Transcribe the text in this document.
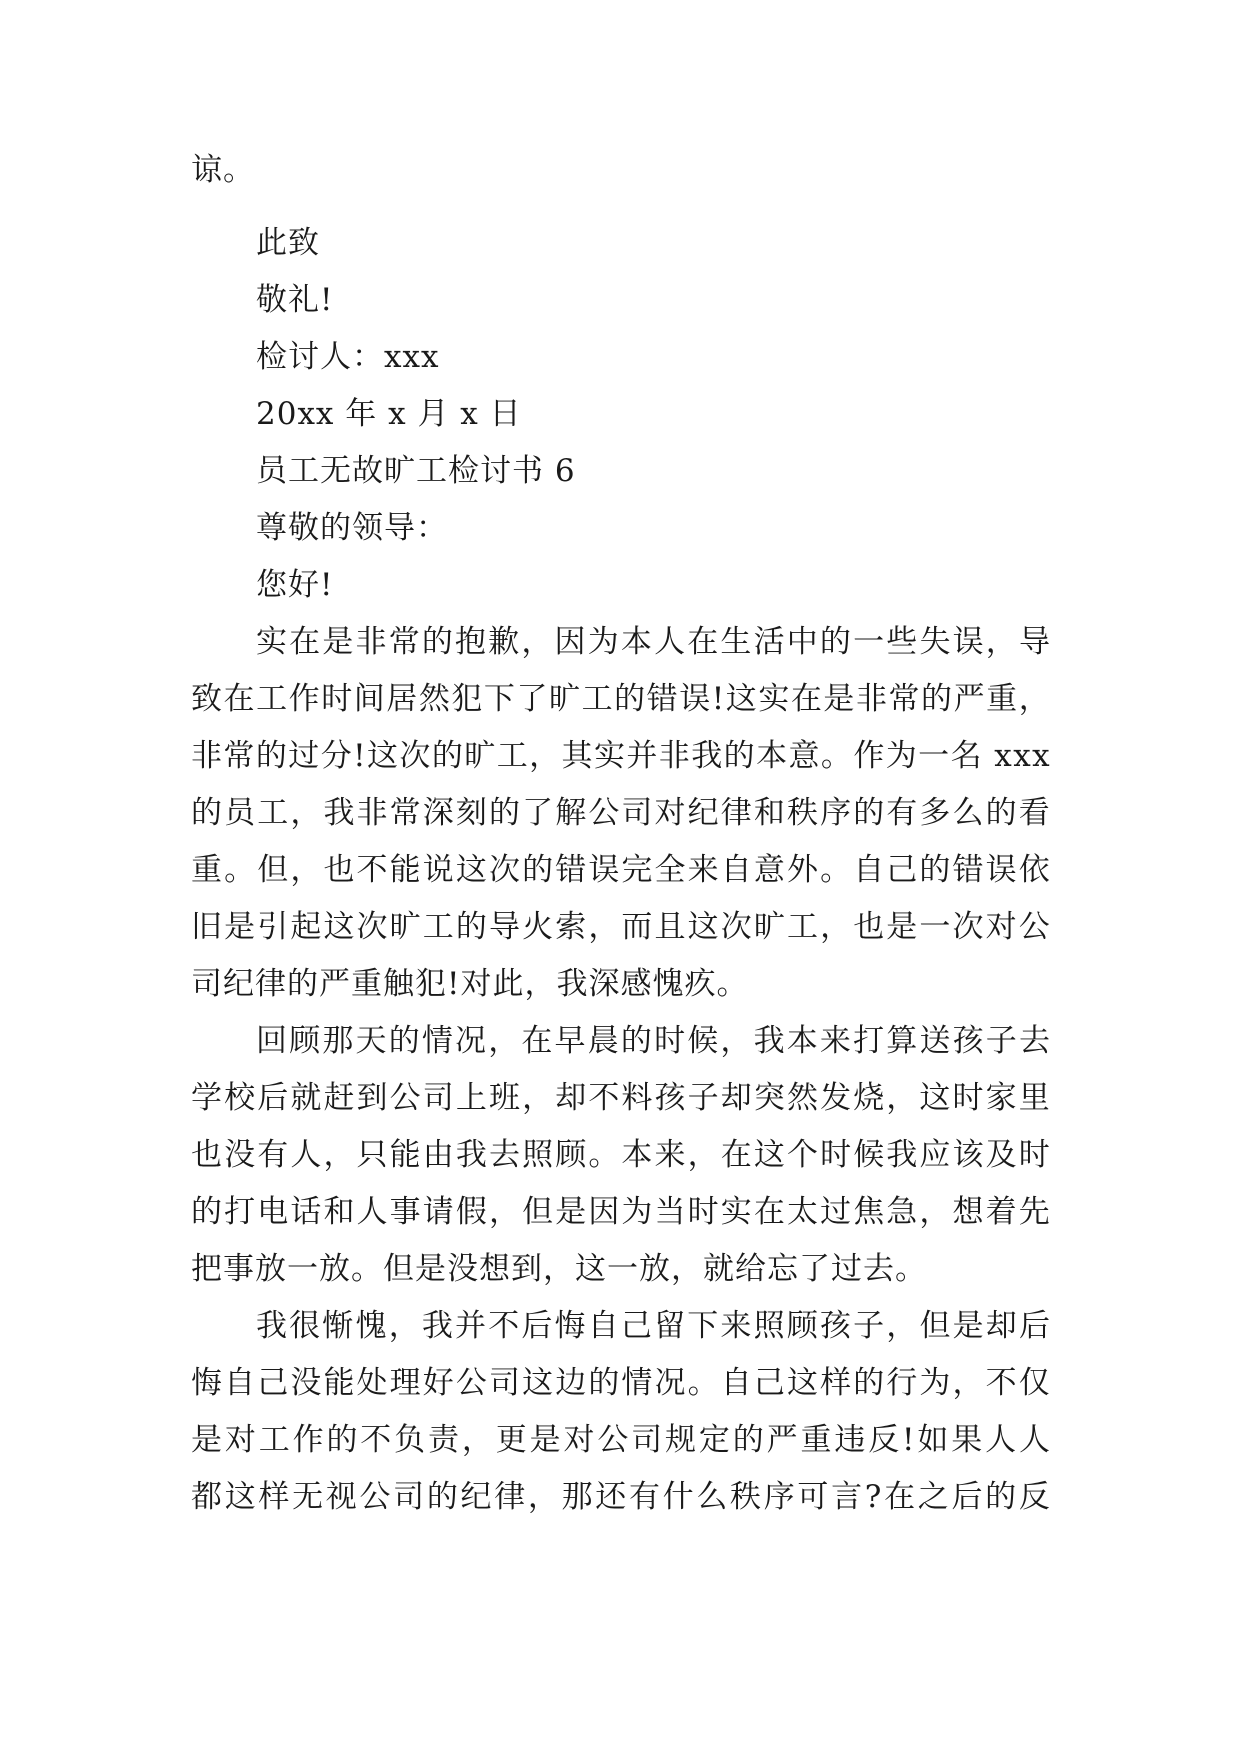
谅。
此致
敬礼!
检讨人：xxx
20xx 年 x 月 x 日
员工无故旷工检讨书 6
尊敬的领导：
您好!
实 在 是 非 常 的 抱 歉 ， 因 为 本 人 在 生 活 中 的 一 些 失 误 ， 导
致 在 工 作 时 间 居 然 犯 下 了 旷 工 的 错 误 ! 这 实 在 是 非 常 的 严 重 ，
非 常 的 过 分 ! 这 次 的 旷 工 ， 其 实 并 非 我 的 本 意 。 作 为 一 名
x x x
的 员 工 ， 我 非 常 深 刻 的 了 解 公 司 对 纪 律 和 秩 序 的 有 多 么 的 看
重 。 但 ， 也 不 能 说 这 次 的 错 误 完 全 来 自 意 外 。 自 己 的 错 误 依
旧 是 引 起 这 次 旷 工 的 导 火 索 ， 而 且 这 次 旷 工 ， 也 是 一 次 对 公
司纪律的严重触犯!对此，我深感愧疚。
回 顾 那 天 的 情 况 ， 在 早 晨 的 时 候 ， 我 本 来 打 算 送 孩 子 去
学 校 后 就 赶 到 公 司 上 班 ， 却 不 料 孩 子 却 突 然 发 烧 ， 这 时 家 里
也 没 有 人 ， 只 能 由 我 去 照 顾 。 本 来 ， 在 这 个 时 候 我 应 该 及 时
的 打 电 话 和 人 事 请 假 ， 但 是 因 为 当 时 实 在 太 过 焦 急 ， 想 着 先
把事放一放。但是没想到，这一放，就给忘了过去。
我 很 惭 愧 ， 我 并 不 后 悔 自 己 留 下 来 照 顾 孩 子 ， 但 是 却 后
悔 自 己 没 能 处 理 好 公 司 这 边 的 情 况 。 自 己 这 样 的 行 为 ， 不 仅
是 对 工 作 的 不 负 责 ， 更 是 对 公 司 规 定 的 严 重 违 反 ! 如 果 人 人
都 这 样 无 视 公 司 的 纪 律 ， 那 还 有 什 么 秩 序 可 言 ? 在 之 后 的 反
